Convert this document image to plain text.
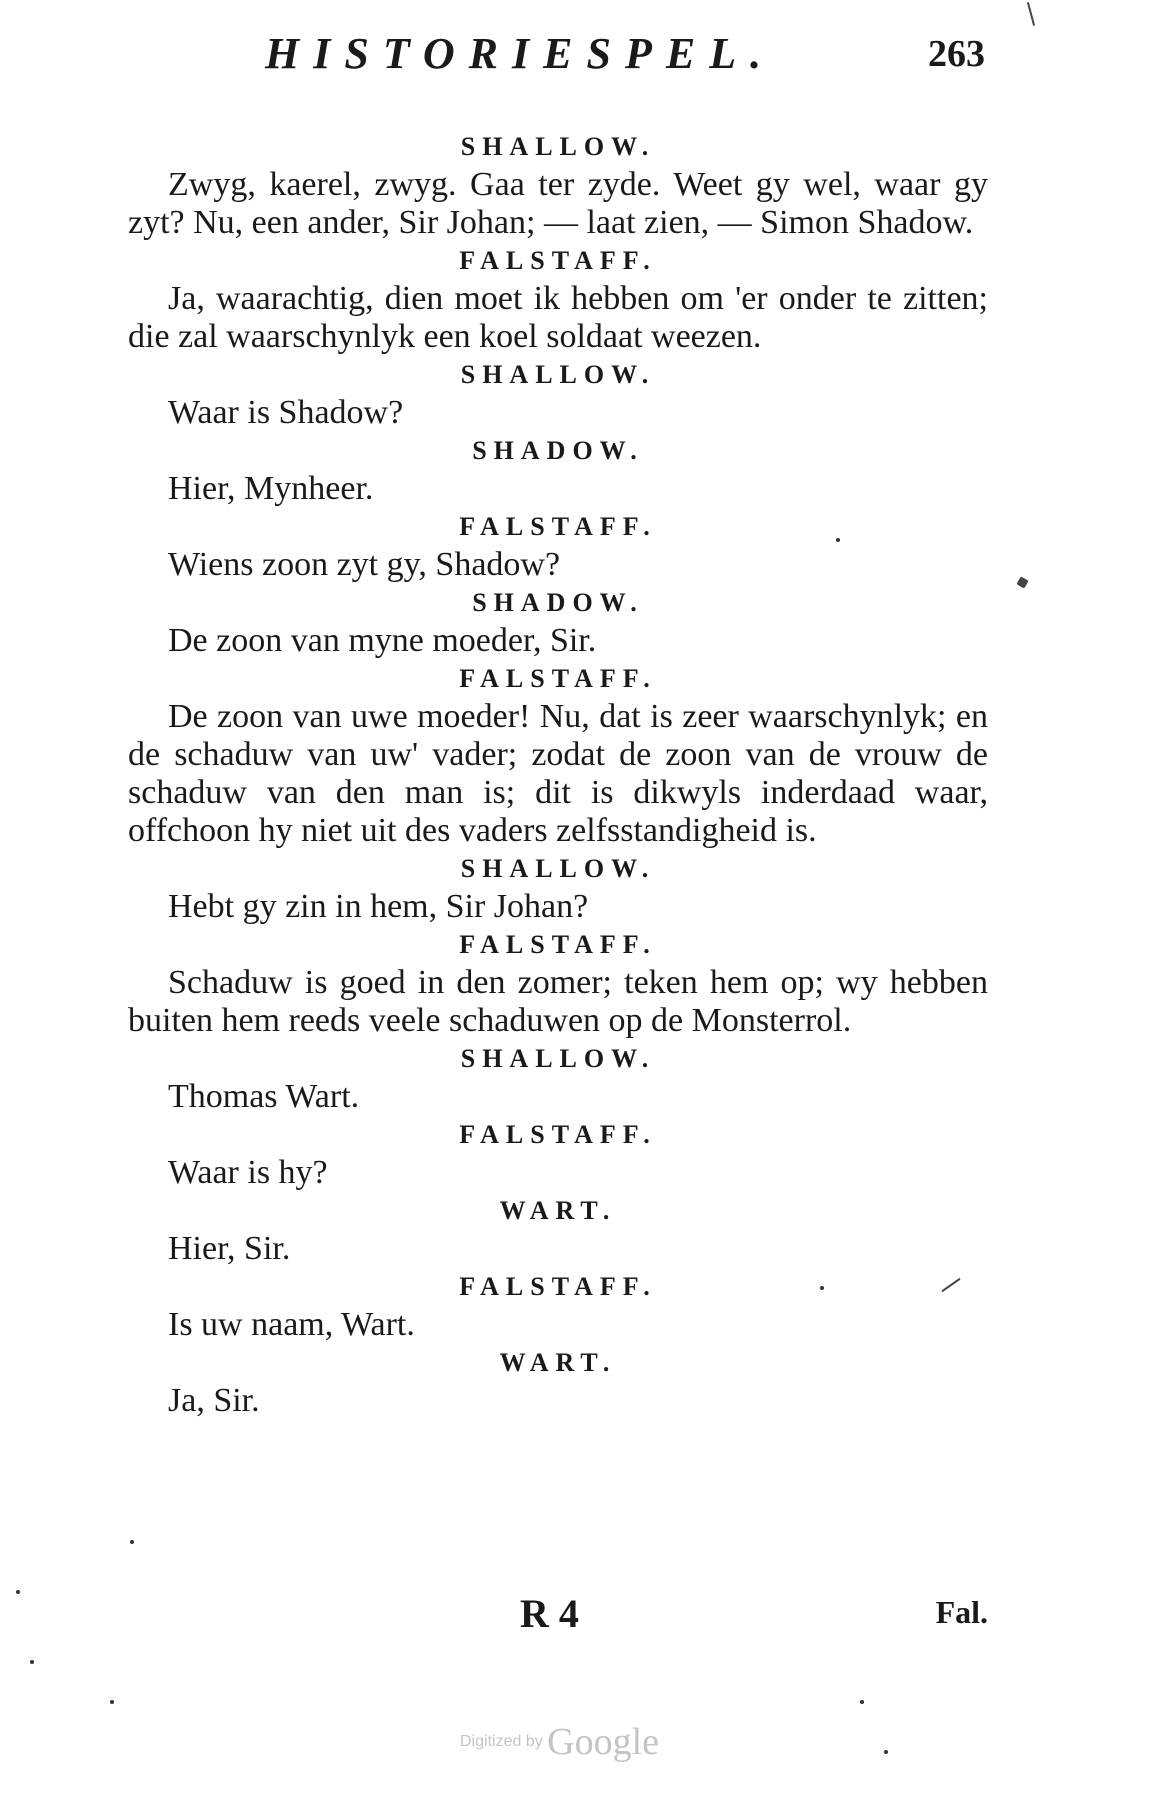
HISTORIESPEL.	263
SHALLOW.

Zwyg, kaerel, zwyg. Gaa ter zyde. Weet gy wel, waar gy zyt? Nu, een ander, Sir Johan; — laat zien, — Simon Shadow.

FALSTAFF.

Ja, waarachtig, dien moet ik hebben om 'er onder te zitten; die zal waarschynlyk een koel soldaat weezen.

SHALLOW.

Waar is Shadow?

SHADOW.

Hier, Mynheer.

FALSTAFF.

Wiens zoon zyt gy, Shadow?

SHADOW.

De zoon van myne moeder, Sir.

FALSTAFF.

De zoon van uwe moeder! Nu, dat is zeer waarschynlyk; en de schaduw van uw' vader; zodat de zoon van de vrouw de schaduw van den man is; dit is dikwyls inderdaad waar, offchoon hy niet uit des vaders zelfsstandigheid is.

SHALLOW.

Hebt gy zin in hem, Sir Johan?

FALSTAFF.

Schaduw is goed in den zomer; teken hem op; wy hebben buiten hem reeds veele schaduwen op de Monsterrol.

SHALLOW.

Thomas Wart.

FALSTAFF.

Waar is hy?

WART.

Hier, Sir.

FALSTAFF.

Is uw naam, Wart.

WART.

Ja, Sir.

R 4	Fal.
Digitized by Google
